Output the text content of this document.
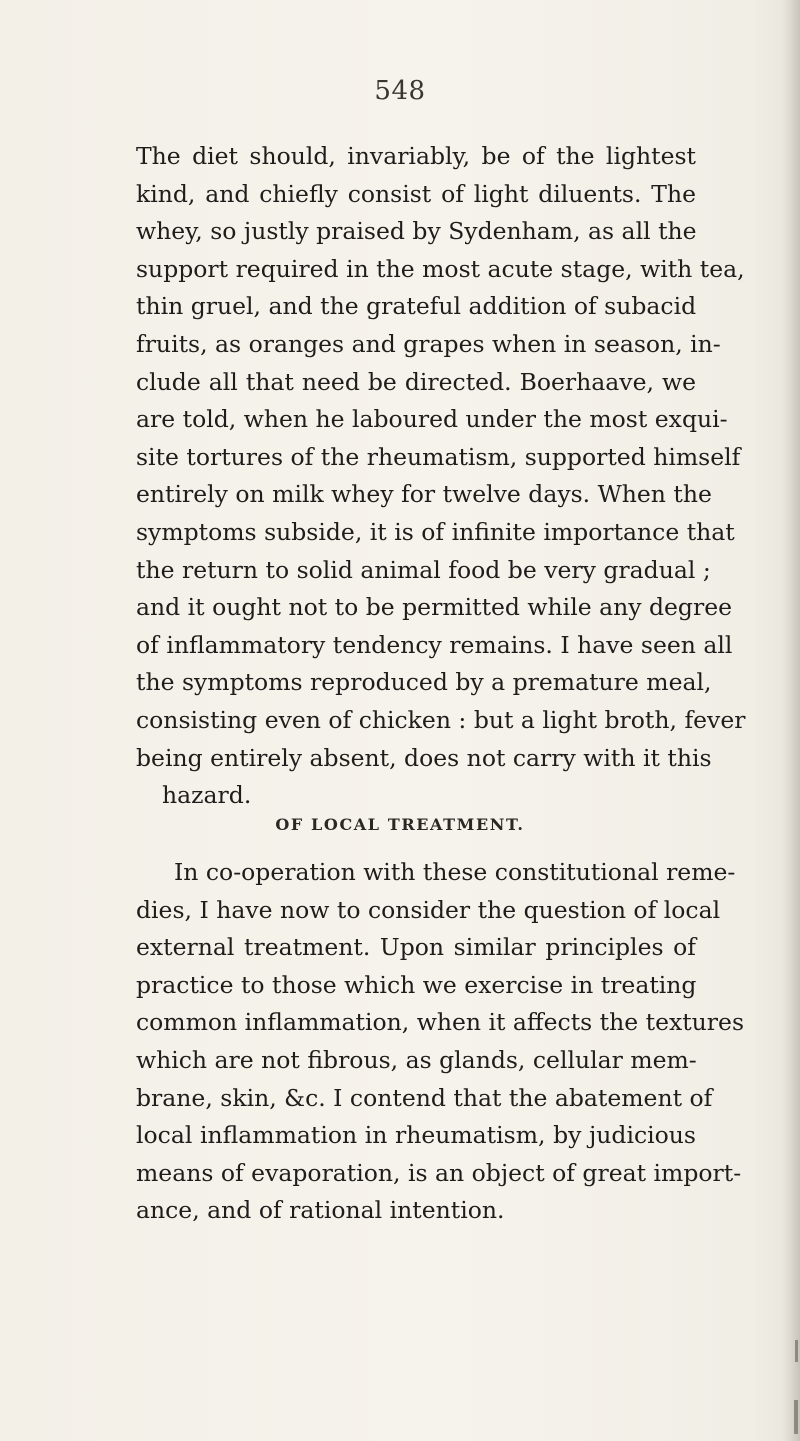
548

The diet should, invariably, be of the lightest
kind, and chiefly consist of light diluents. The
whey, so justly praised by Sydenham, as all the
support required in the most acute stage, with tea,
thin gruel, and the grateful addition of subacid
fruits, as oranges and grapes when in season, in-
clude all that need be directed. Boerhaave, we
are told, when he laboured under the most exqui-
site tortures of the rheumatism, supported himself
entirely on milk whey for twelve days. When the
symptoms subside, it is of infinite importance that
the return to solid animal food be very gradual ;
and it ought not to be permitted while any degree
of inflammatory tendency remains. I have seen all
the symptoms reproduced by a premature meal,
consisting even of chicken : but a light broth, fever
being entirely absent, does not carry with it this
hazard.
OF LOCAL TREATMENT.
In co-operation with these constitutional reme-
dies, I have now to consider the question of local
external treatment. Upon similar principles of
practice to those which we exercise in treating
common inflammation, when it affects the textures
which are not fibrous, as glands, cellular mem-
brane, skin, &c. I contend that the abatement of
local inflammation in rheumatism, by judicious
means of evaporation, is an object of great import-
ance, and of rational intention.
